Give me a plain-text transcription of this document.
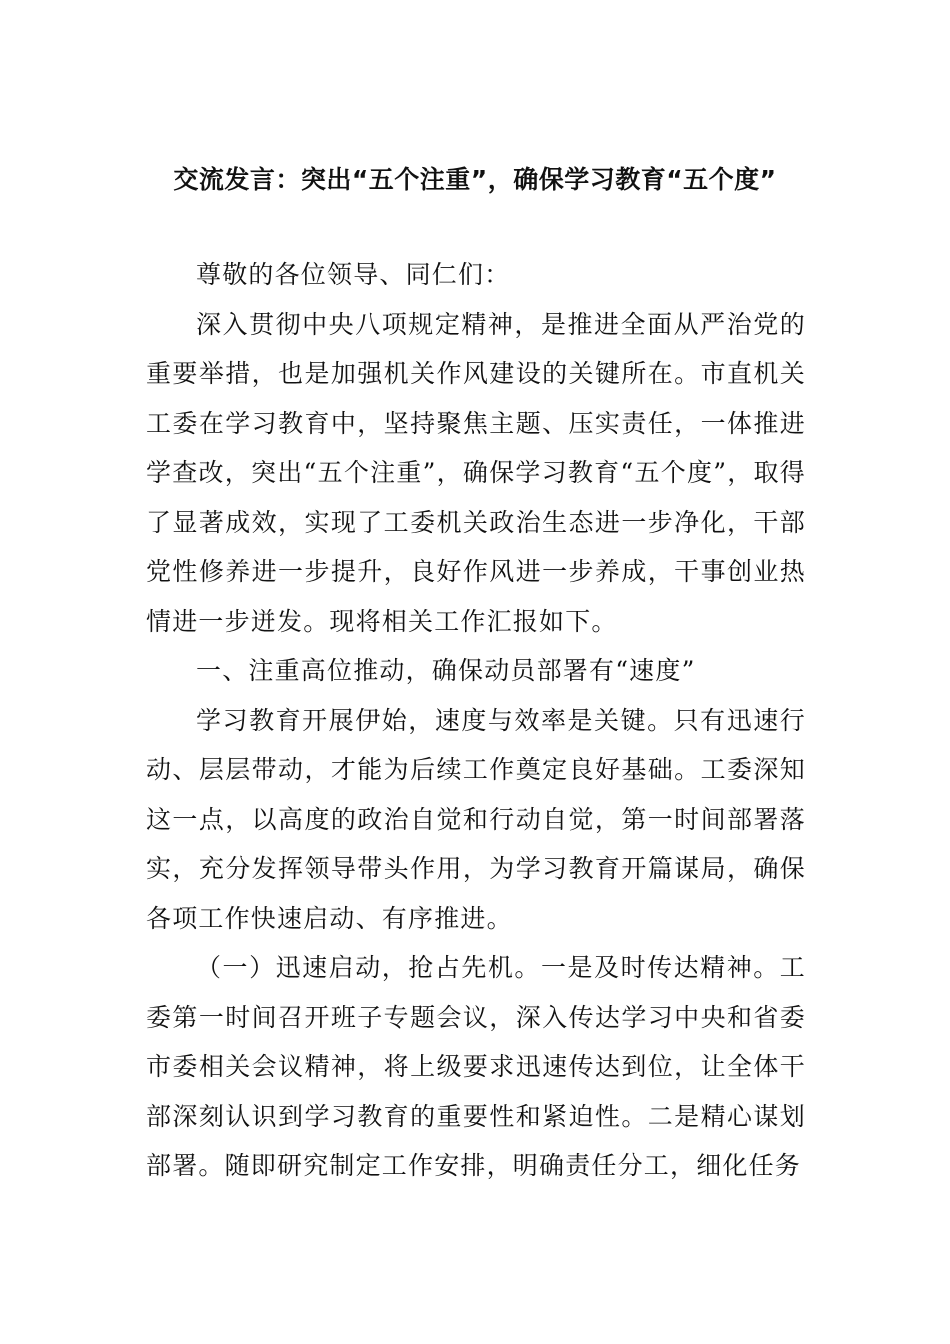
交流发言：突出“五个注重”，确保学习教育“五个度”

尊敬的各位领导、同仁们：

深入贯彻中央八项规定精神，是推进全面从严治党的重要举措，也是加强机关作风建设的关键所在。市直机关工委在学习教育中，坚持聚焦主题、压实责任，一体推进学查改，突出“五个注重”，确保学习教育“五个度”，取得了显著成效，实现了工委机关政治生态进一步净化，干部党性修养进一步提升，良好作风进一步养成，干事创业热情进一步迸发。现将相关工作汇报如下。

一、注重高位推动，确保动员部署有“速度”

学习教育开展伊始，速度与效率是关键。只有迅速行动、层层带动，才能为后续工作奠定良好基础。工委深知这一点，以高度的政治自觉和行动自觉，第一时间部署落实，充分发挥领导带头作用，为学习教育开篇谋局，确保各项工作快速启动、有序推进。

（一）迅速启动，抢占先机。一是及时传达精神。工委第一时间召开班子专题会议，深入传达学习中央和省委市委相关会议精神，将上级要求迅速传达到位，让全体干部深刻认识到学习教育的重要性和紧迫性。二是精心谋划部署。随即研究制定工作安排，明确责任分工，细化任务
